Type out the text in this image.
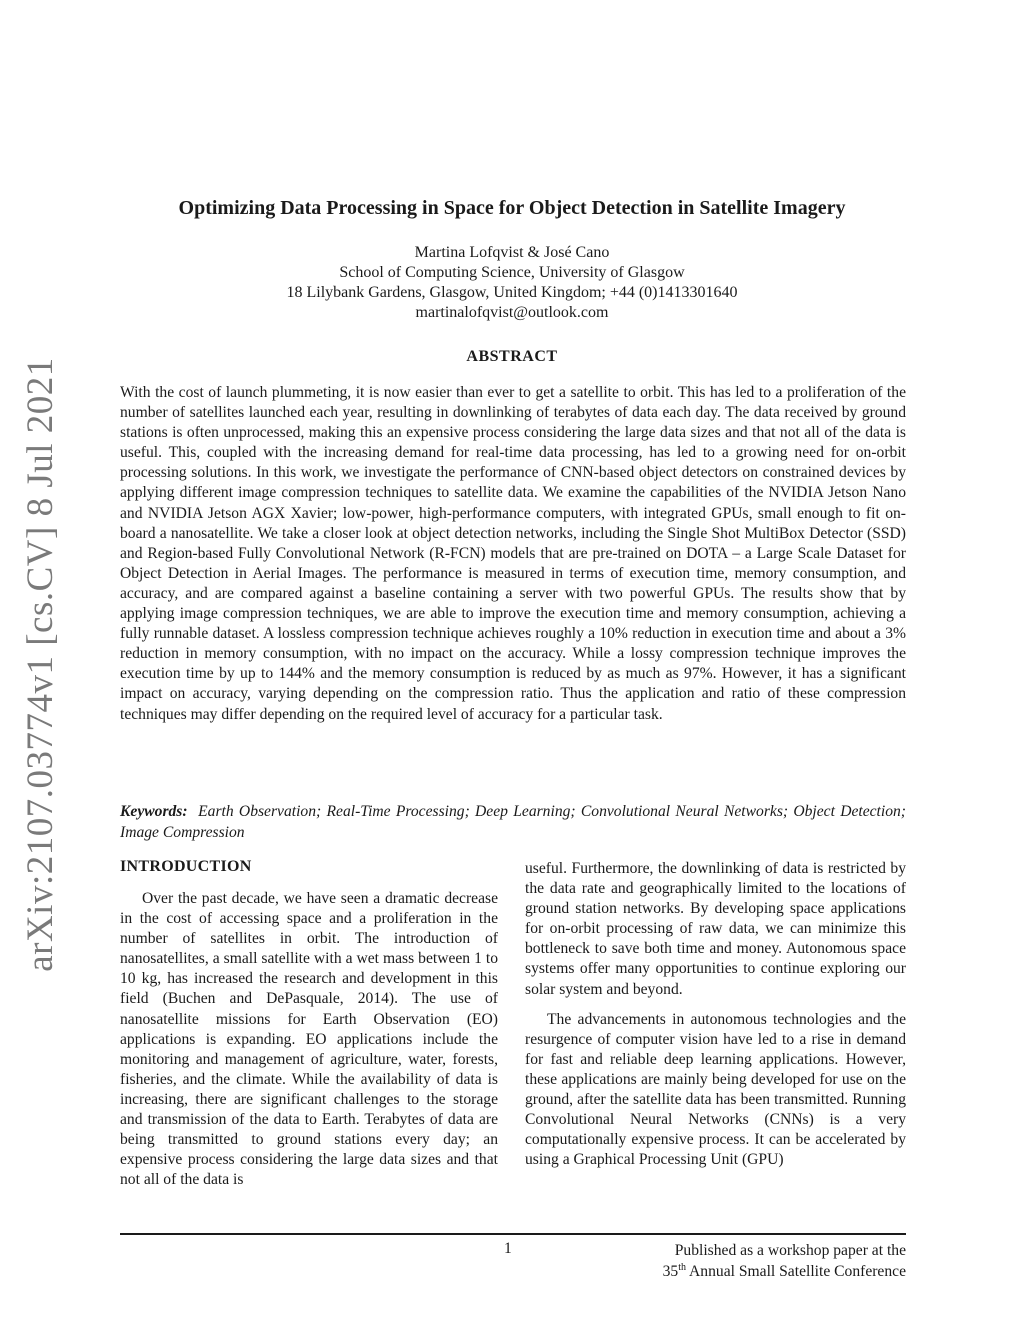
arXiv:2107.03774v1 [cs.CV] 8 Jul 2021
Optimizing Data Processing in Space for Object Detection in Satellite Imagery
Martina Lofqvist & José Cano
School of Computing Science, University of Glasgow
18 Lilybank Gardens, Glasgow, United Kingdom; +44 (0)1413301640
martinalofqvist@outlook.com
ABSTRACT

With the cost of launch plummeting, it is now easier than ever to get a satellite to orbit. This has led to a proliferation of the number of satellites launched each year, resulting in downlinking of terabytes of data each day. The data received by ground stations is often unprocessed, making this an expensive process considering the large data sizes and that not all of the data is useful. This, coupled with the increasing demand for real-time data processing, has led to a growing need for on-orbit processing solutions. In this work, we investigate the performance of CNN-based object detectors on constrained devices by applying different image compression techniques to satellite data. We examine the capabilities of the NVIDIA Jetson Nano and NVIDIA Jetson AGX Xavier; low-power, high-performance computers, with integrated GPUs, small enough to fit on-board a nanosatellite. We take a closer look at object detection networks, including the Single Shot MultiBox Detector (SSD) and Region-based Fully Convolutional Network (R-FCN) models that are pre-trained on DOTA – a Large Scale Dataset for Object Detection in Aerial Images. The performance is measured in terms of execution time, memory consumption, and accuracy, and are compared against a baseline containing a server with two powerful GPUs. The results show that by applying image compression techniques, we are able to improve the execution time and memory consumption, achieving a fully runnable dataset. A lossless compression technique achieves roughly a 10% reduction in execution time and about a 3% reduction in memory consumption, with no impact on the accuracy. While a lossy compression technique improves the execution time by up to 144% and the memory consumption is reduced by as much as 97%. However, it has a significant impact on accuracy, varying depending on the compression ratio. Thus the application and ratio of these compression techniques may differ depending on the required level of accuracy for a particular task.

Keywords: Earth Observation; Real-Time Processing; Deep Learning; Convolutional Neural Networks; Object Detection; Image Compression

INTRODUCTION

Over the past decade, we have seen a dramatic decrease in the cost of accessing space and a proliferation in the number of satellites in orbit. The introduction of nanosatellites, a small satellite with a wet mass between 1 to 10 kg, has increased the research and development in this field (Buchen and DePasquale, 2014). The use of nanosatellite missions for Earth Observation (EO) applications is expanding. EO applications include the monitoring and management of agriculture, water, forests, fisheries, and the climate. While the availability of data is increasing, there are significant challenges to the storage and transmission of the data to Earth. Terabytes of data are being transmitted to ground stations every day; an expensive process considering the large data sizes and that not all of the data is

useful. Furthermore, the downlinking of data is restricted by the data rate and geographically limited to the locations of ground station networks. By developing space applications for on-orbit processing of raw data, we can minimize this bottleneck to save both time and money. Autonomous space systems offer many opportunities to continue exploring our solar system and beyond.

The advancements in autonomous technologies and the resurgence of computer vision have led to a rise in demand for fast and reliable deep learning applications. However, these applications are mainly being developed for use on the ground, after the satellite data has been transmitted. Running Convolutional Neural Networks (CNNs) is a very computationally expensive process. It can be accelerated by using a Graphical Processing Unit (GPU)

1	Published as a workshop paper at the
35th Annual Small Satellite Conference
